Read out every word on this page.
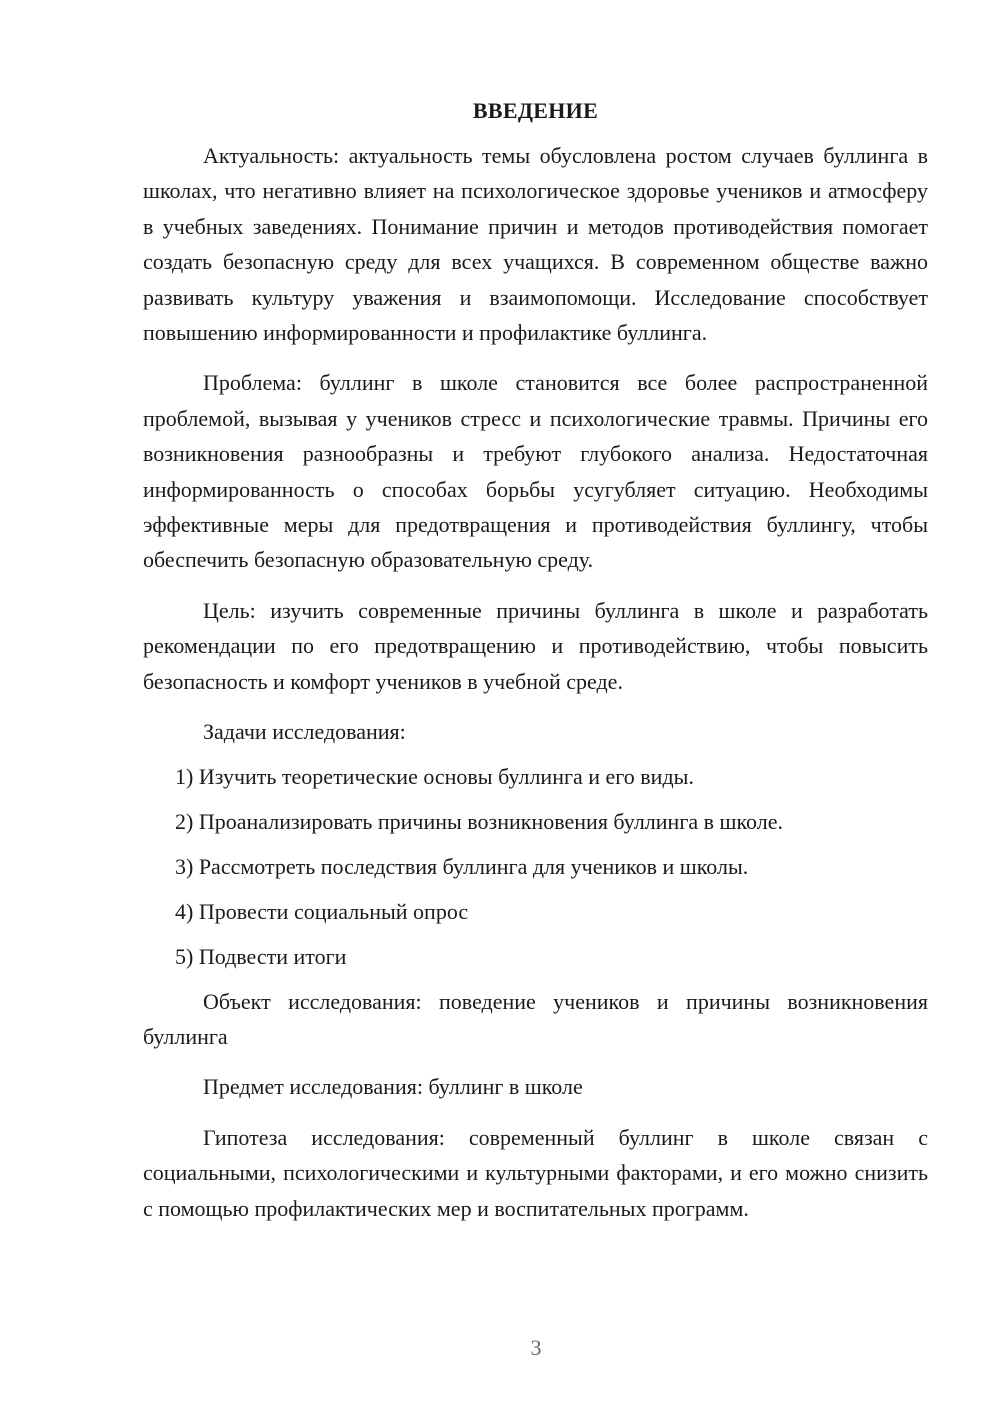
ВВЕДЕНИЕ

Актуальность: актуальность темы обусловлена ростом случаев буллинга в школах, что негативно влияет на психологическое здоровье учеников и атмосферу в учебных заведениях. Понимание причин и методов противодействия помогает создать безопасную среду для всех учащихся. В современном обществе важно развивать культуру уважения и взаимопомощи. Исследование способствует повышению информированности и профилактике буллинга.

Проблема: буллинг в школе становится все более распространенной проблемой, вызывая у учеников стресс и психологические травмы. Причины его возникновения разнообразны и требуют глубокого анализа. Недостаточная информированность о способах борьбы усугубляет ситуацию. Необходимы эффективные меры для предотвращения и противодействия буллингу, чтобы обеспечить безопасную образовательную среду.

Цель: изучить современные причины буллинга в школе и разработать рекомендации по его предотвращению и противодействию, чтобы повысить безопасность и комфорт учеников в учебной среде.

Задачи исследования:

1) Изучить теоретические основы буллинга и его виды.
2) Проанализировать причины возникновения буллинга в школе.
3) Рассмотреть последствия буллинга для учеников и школы.
4) Провести социальный опрос
5) Подвести итоги

Объект исследования: поведение учеников и причины возникновения буллинга

Предмет исследования: буллинг в школе

Гипотеза исследования: современный буллинг в школе связан с социальными, психологическими и культурными факторами, и его можно снизить с помощью профилактических мер и воспитательных программ.

3
